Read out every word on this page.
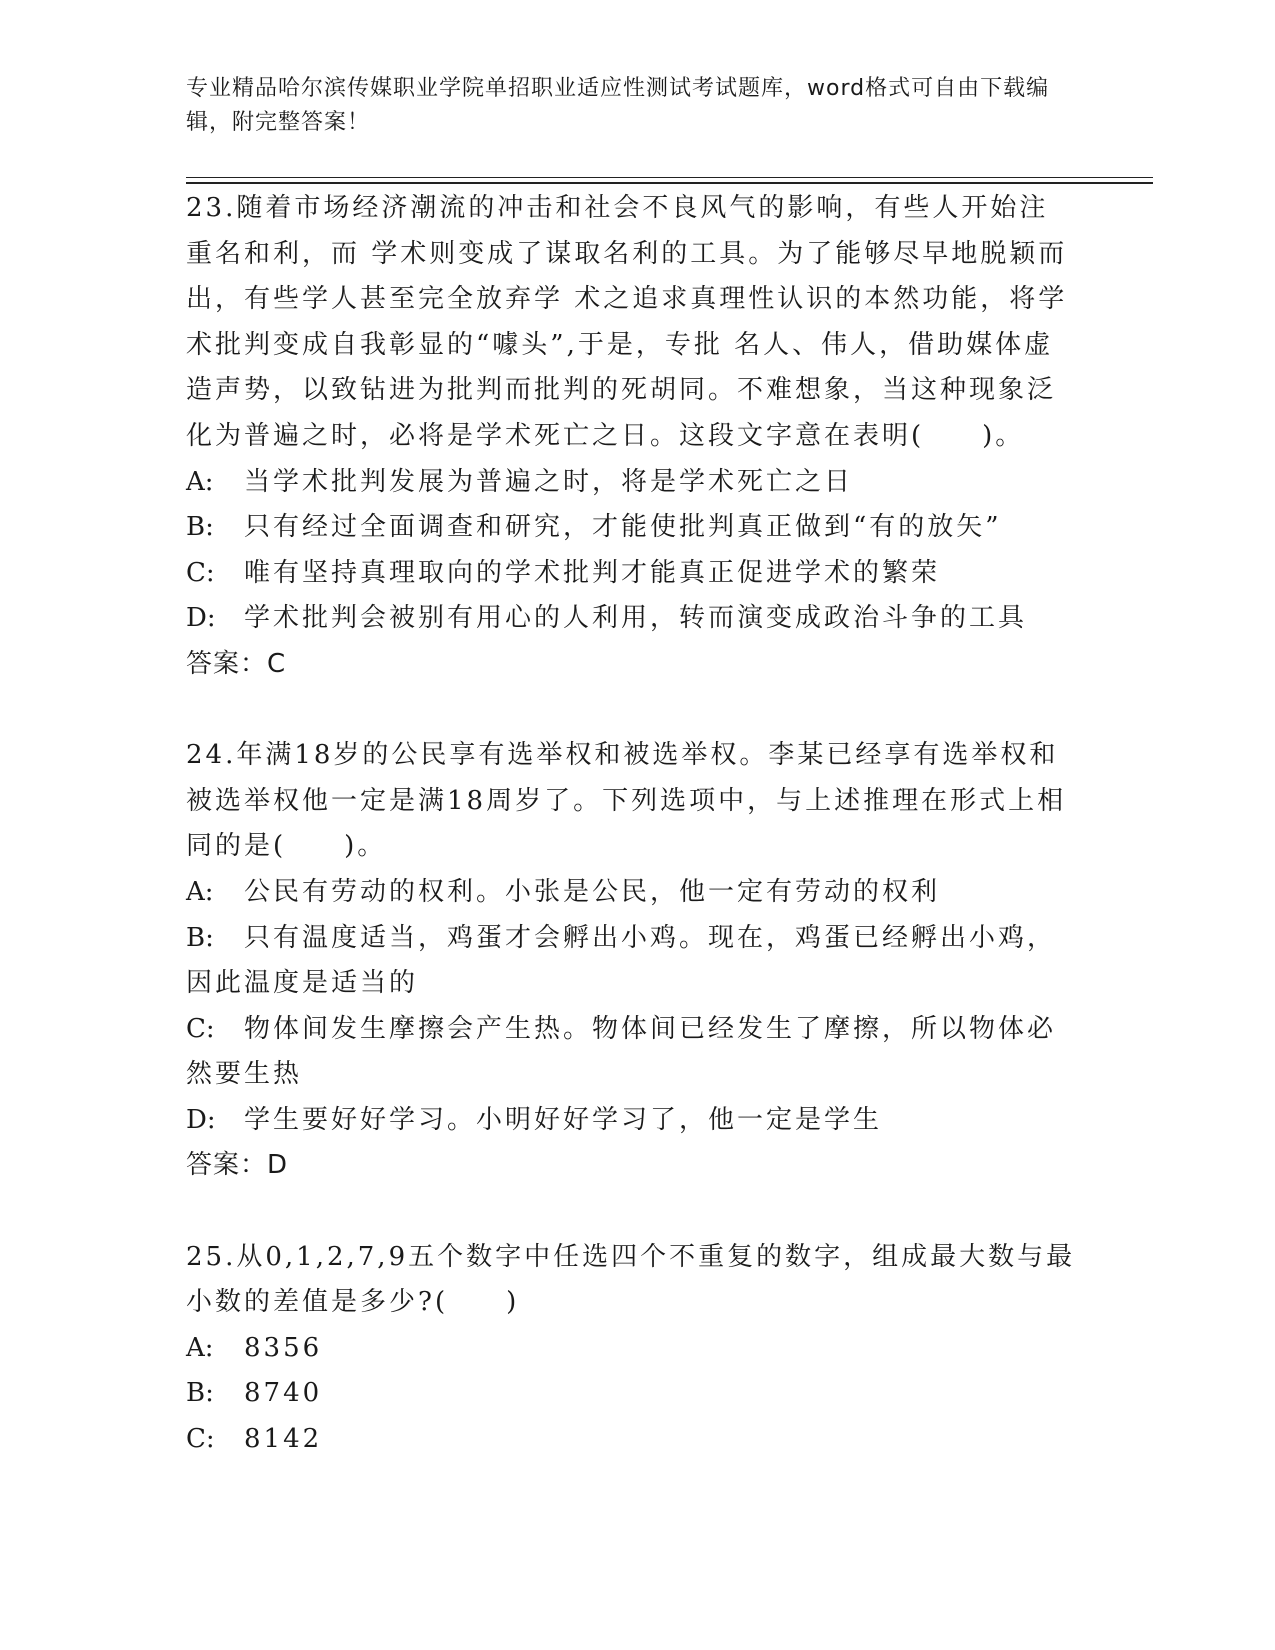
专业精品哈尔滨传媒职业学院单招职业适应性测试考试题库，word格式可自由下载编辑，附完整答案！

23.随着市场经济潮流的冲击和社会不良风气的影响，有些人开始注重名和利，而 学术则变成了谋取名利的工具。为了能够尽早地脱颖而出，有些学人甚至完全放弃学 术之追求真理性认识的本然功能，将学术批判变成自我彰显的“噱头”,于是，专批 名人、伟人，借助媒体虚造声势，以致钻进为批判而批判的死胡同。不难想象，当这种现象泛化为普遍之时，必将是学术死亡之日。这段文字意在表明(　　)。

A:	当学术批判发展为普遍之时，将是学术死亡之日
B:	只有经过全面调查和研究，才能使批判真正做到“有的放矢”
C:	唯有坚持真理取向的学术批判才能真正促进学术的繁荣
D:	学术批判会被别有用心的人利用，转而演变成政治斗争的工具

答案：C

24.年满18岁的公民享有选举权和被选举权。李某已经享有选举权和被选举权他一定是满18周岁了。下列选项中，与上述推理在形式上相同的是(　　)。

A:	公民有劳动的权利。小张是公民，他一定有劳动的权利
B: 只有温度适当，鸡蛋才会孵出小鸡。现在，鸡蛋已经孵出小鸡，因此温度是适当的
C: 物体间发生摩擦会产生热。物体间已经发生了摩擦，所以物体必然要生热
D:	学生要好好学习。小明好好学习了，他一定是学生

答案：D

25.从0,1,2,7,9五个数字中任选四个不重复的数字，组成最大数与最小数的差值是多少?(　　)

A:	8356
B:	8740
C:	8142
